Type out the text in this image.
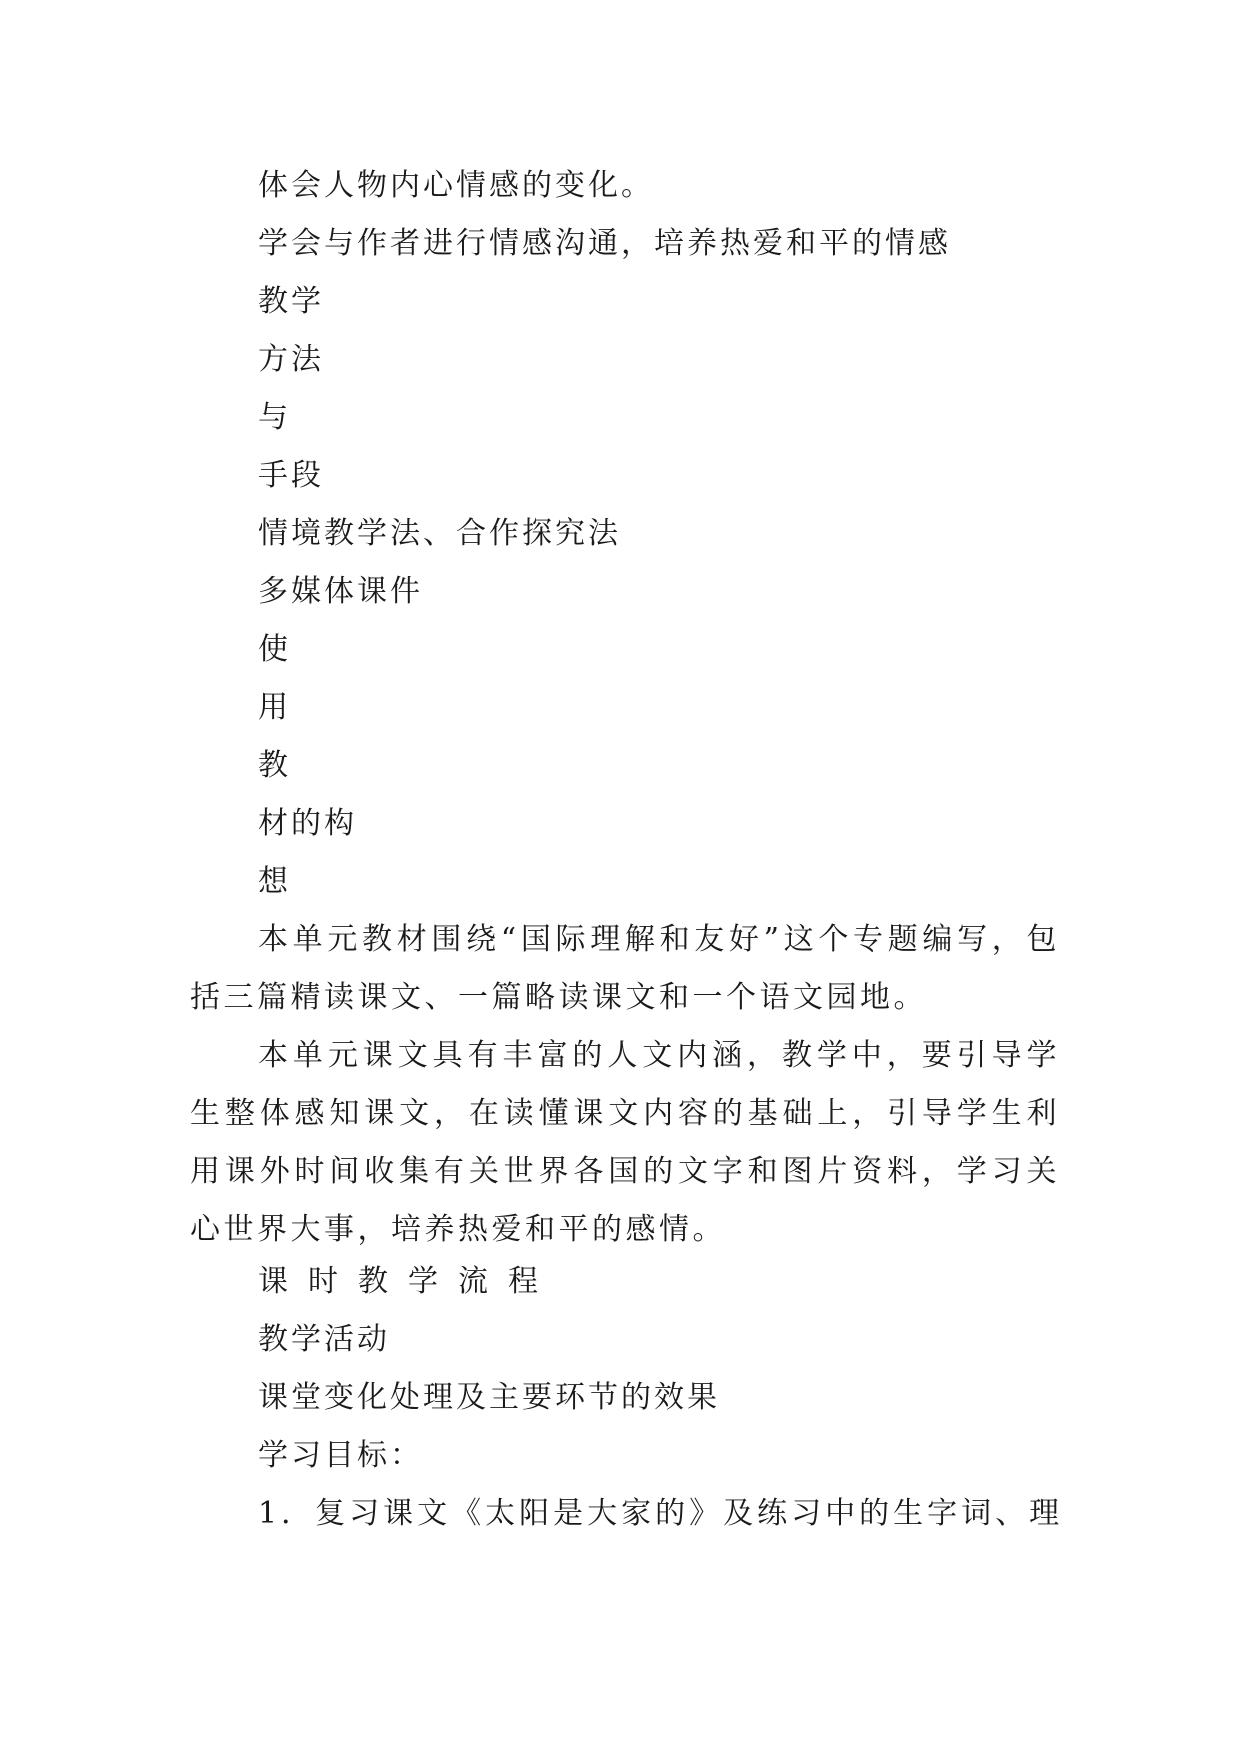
体会人物内心情感的变化。
学会与作者进行情感沟通，培养热爱和平的情感
教学
方法
与
手段
情境教学法、合作探究法
多媒体课件
使
用
教
材的构
想
本单元教材围绕“国际理解和友好”这个专题编写，包括三篇精读课文、一篇略读课文和一个语文园地。
本单元课文具有丰富的人文内涵，教学中，要引导学生整体感知课文，在读懂课文内容的基础上，引导学生利用课外时间收集有关世界各国的文字和图片资料，学习关心世界大事，培养热爱和平的感情。
课时教学流程
教学活动
课堂变化处理及主要环节的效果
学习目标：
1．复习课文《太阳是大家的》及练习中的生字词、理
